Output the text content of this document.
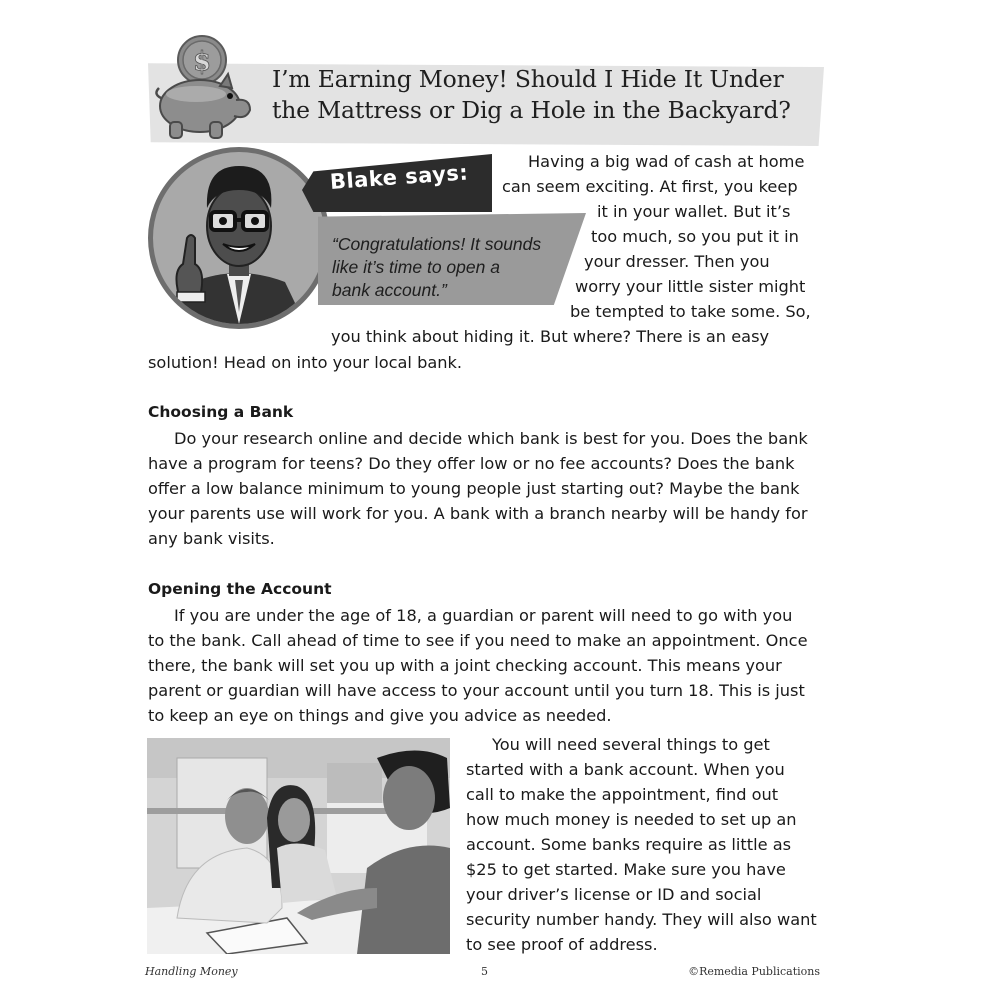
$
I’m Earning Money! Should I Hide It Under
the Mattress or Dig a Hole in the Backyard?
Blake says:
“Congratulations! It sounds
like it’s time to open a
bank account.”
Having a big wad of cash at home
can seem exciting. At first, you keep
it in your wallet. But it’s
too much, so you put it in
your dresser. Then you
worry your little sister might
be tempted to take some. So,
you think about hiding it. But where? There is an easy
solution! Head on into your local bank.
Choosing a Bank
Do your research online and decide which bank is best for you. Does the bank
have a program for teens? Do they offer low or no fee accounts? Does the bank
offer a low balance minimum to young people just starting out? Maybe the bank
your parents use will work for you. A bank with a branch nearby will be handy for
any bank visits.
Opening the Account
If you are under the age of 18, a guardian or parent will need to go with you
to the bank. Call ahead of time to see if you need to make an appointment. Once
there, the bank will set you up with a joint checking account. This means your
parent or guardian will have access to your account until you turn 18. This is just
to keep an eye on things and give you advice as needed.
You will need several things to get
started with a bank account. When you
call to make the appointment, find out
how much money is needed to set up an
account. Some banks require as little as
$25 to get started. Make sure you have
your driver’s license or ID and social
security number handy. They will also want
to see proof of address.
Handling Money	5	©Remedia Publications
